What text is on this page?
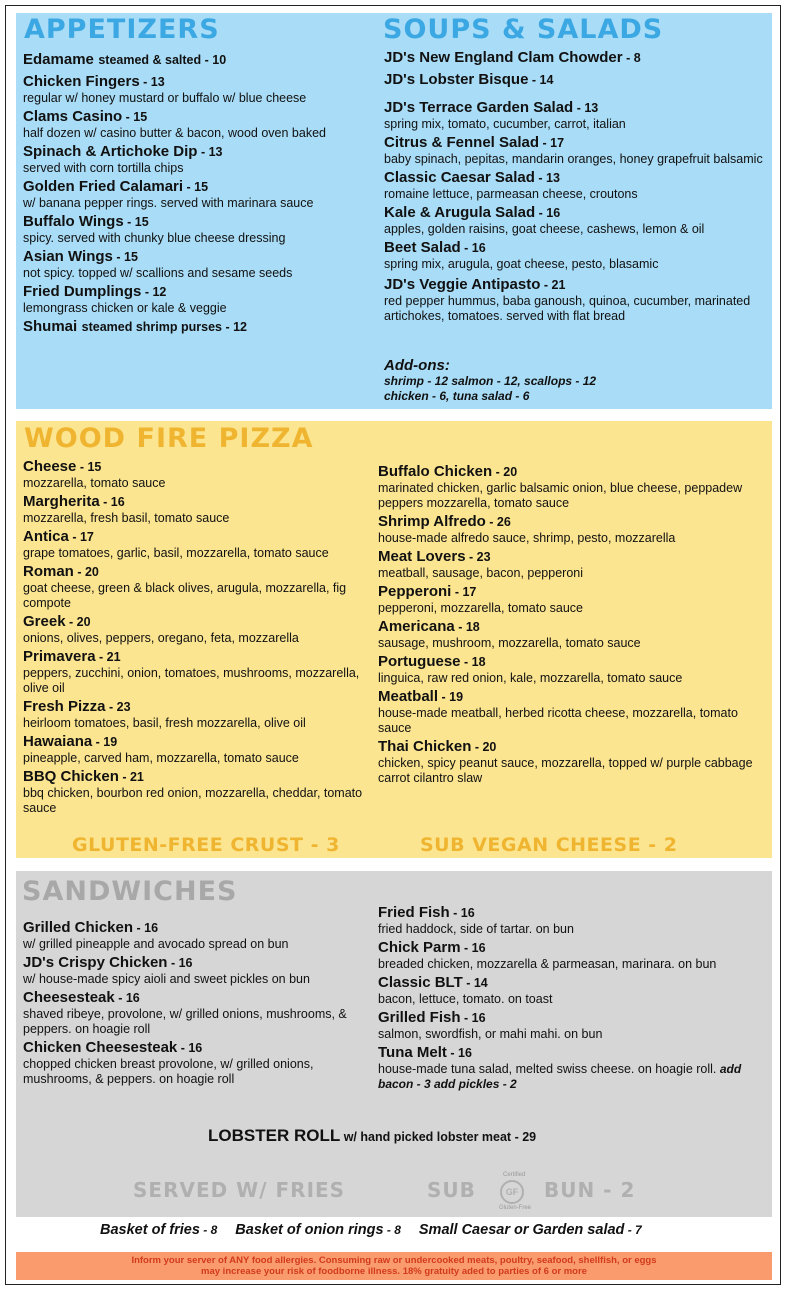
APPETIZERS	SOUPS & SALADS

Edamame steamed & salted - 10

Chicken Fingers - 13

regular w/ honey mustard or buffalo w/ blue cheese

Clams Casino - 15

half dozen w/ casino butter & bacon, wood oven baked

Spinach & Artichoke Dip - 13

served with corn tortilla chips

Golden Fried Calamari - 15

w/ banana pepper rings. served with marinara sauce

Buffalo Wings - 15

spicy. served with chunky blue cheese dressing

Asian Wings - 15

not spicy. topped w/ scallions and sesame seeds

Fried Dumplings - 12

lemongrass chicken or kale & veggie

Shumai steamed shrimp purses - 12

JD's New England Clam Chowder - 8

JD's Lobster Bisque - 14

JD's Terrace Garden Salad - 13

spring mix, tomato, cucumber, carrot, italian

Citrus & Fennel Salad - 17

baby spinach, pepitas, mandarin oranges, honey grapefruit balsamic

Classic Caesar Salad - 13

romaine lettuce, parmeasan cheese, croutons

Kale & Arugula Salad - 16

apples, golden raisins, goat cheese, cashews, lemon & oil

Beet Salad - 16

spring mix, arugula, goat cheese, pesto, blasamic

JD's Veggie Antipasto - 21

red pepper hummus, baba ganoush, quinoa, cucumber, marinated artichokes, tomatoes. served with flat bread

Add-ons:

shrimp - 12 salmon - 12, scallops - 12

chicken - 6, tuna salad - 6

WOOD FIRE PIZZA

Cheese - 15

mozzarella, tomato sauce

Margherita - 16

mozzarella, fresh basil, tomato sauce

Antica - 17

grape tomatoes, garlic, basil, mozzarella, tomato sauce

Roman - 20

goat cheese, green & black olives, arugula, mozzarella, fig compote

Greek - 20

onions, olives, peppers, oregano, feta, mozzarella

Primavera - 21

peppers, zucchini, onion, tomatoes, mushrooms, mozzarella, olive oil

Fresh Pizza - 23

heirloom tomatoes, basil, fresh mozzarella, olive oil

Hawaiana - 19

pineapple, carved ham, mozzarella, tomato sauce

BBQ Chicken - 21

bbq chicken, bourbon red onion, mozzarella, cheddar, tomato sauce

Buffalo Chicken - 20

marinated chicken, garlic balsamic onion, blue cheese, peppadew peppers mozzarella, tomato sauce

Shrimp Alfredo - 26

house-made alfredo sauce, shrimp, pesto, mozzarella

Meat Lovers - 23

meatball, sausage, bacon, pepperoni

Pepperoni - 17

pepperoni, mozzarella, tomato sauce

Americana - 18

sausage, mushroom, mozzarella, tomato sauce

Portuguese - 18

linguica, raw red onion, kale, mozzarella, tomato sauce

Meatball - 19

house-made meatball, herbed ricotta cheese, mozzarella, tomato sauce

Thai Chicken - 20

chicken, spicy peanut sauce, mozzarella, topped w/ purple cabbage carrot cilantro slaw

GLUTEN-FREE CRUST - 3	SUB VEGAN CHEESE - 2
SANDWICHES

Grilled Chicken - 16

w/ grilled pineapple and avocado spread on bun

JD's Crispy Chicken - 16

w/ house-made spicy aioli and sweet pickles on bun

Cheesesteak - 16

shaved ribeye, provolone, w/ grilled onions, mushrooms, & peppers. on hoagie roll

Chicken Cheesesteak - 16

chopped chicken breast provolone, w/ grilled onions, mushrooms, & peppers. on hoagie roll

Fried Fish - 16

fried haddock, side of tartar. on bun

Chick Parm - 16

breaded chicken, mozzarella & parmeasan, marinara. on bun

Classic BLT - 14

bacon, lettuce, tomato. on toast

Grilled Fish - 16

salmon, swordfish, or mahi mahi. on bun

Tuna Melt - 16

house-made tuna salad, melted swiss cheese. on hoagie roll. add bacon - 3 add pickles - 2

LOBSTER ROLL w/ hand picked lobster meat - 29
SERVED W/ FRIES	SUB
Certified
GF
Gluten-Free
BUN - 2
Basket of fries - 8 Basket of onion rings - 8 Small Caesar or Garden salad - 7
Inform your server of ANY food allergies. Consuming raw or undercooked meats, poultry, seafood, shellfish, or eggs
may increase your risk of foodborne illness. 18% gratuity aded to parties of 6 or more
